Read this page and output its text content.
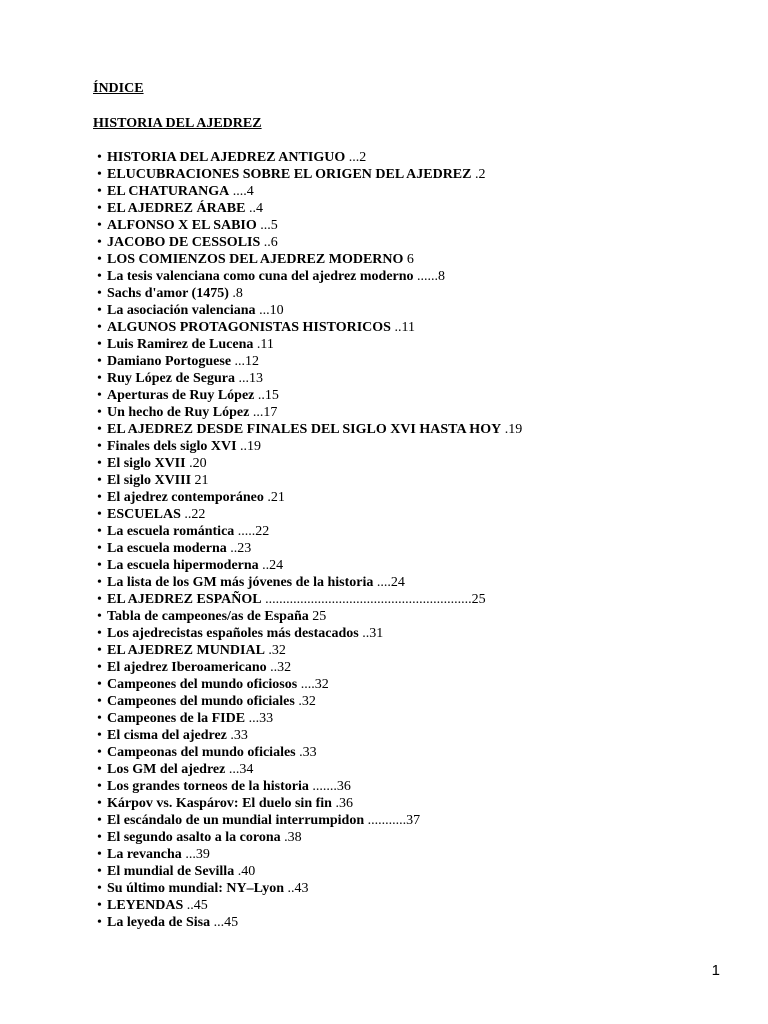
ÍNDICE
HISTORIA DEL AJEDREZ
• HISTORIA DEL AJEDREZ ANTIGUO ...2
• ELUCUBRACIONES SOBRE EL ORIGEN DEL AJEDREZ .2
• EL CHATURANGA ....4
• EL AJEDREZ ÁRABE ..4
• ALFONSO X EL SABIO ...5
• JACOBO DE CESSOLIS ..6
• LOS COMIENZOS DEL AJEDREZ MODERNO 6
• La tesis valenciana como cuna del ajedrez moderno ......8
• Sachs d'amor (1475) .8
• La asociación valenciana ...10
• ALGUNOS PROTAGONISTAS HISTORICOS ..11
• Luis Ramirez de Lucena .11
• Damiano Portoguese ...12
• Ruy López de Segura ...13
• Aperturas de Ruy López ..15
• Un hecho de Ruy López ...17
• EL AJEDREZ DESDE FINALES DEL SIGLO XVI HASTA HOY .19
• Finales dels siglo XVI ..19
• El siglo XVII .20
• El siglo XVIII 21
• El ajedrez contemporáneo .21
• ESCUELAS ..22
• La escuela romántica .....22
• La escuela moderna ..23
• La escuela hipermoderna ..24
• La lista de los GM más jóvenes de la historia ....24
• EL AJEDREZ ESPAÑOL ...........................................................25
• Tabla de campeones/as de España 25
• Los ajedrecistas españoles más destacados ..31
• EL AJEDREZ MUNDIAL .32
• El ajedrez Iberoamericano ..32
• Campeones del mundo oficiosos ....32
• Campeones del mundo oficiales .32
• Campeones de la FIDE ...33
• El cisma del ajedrez .33
• Campeonas del mundo oficiales .33
• Los GM del ajedrez ...34
• Los grandes torneos de la historia .......36
• Kárpov vs. Kaspárov: El duelo sin fin .36
• El escándalo de un mundial interrumpidon ...........37
• El segundo asalto a la corona .38
• La revancha ...39
• El mundial de Sevilla .40
• Su último mundial: NY–Lyon ..43
• LEYENDAS ..45
• La leyeda de Sisa ...45
1
